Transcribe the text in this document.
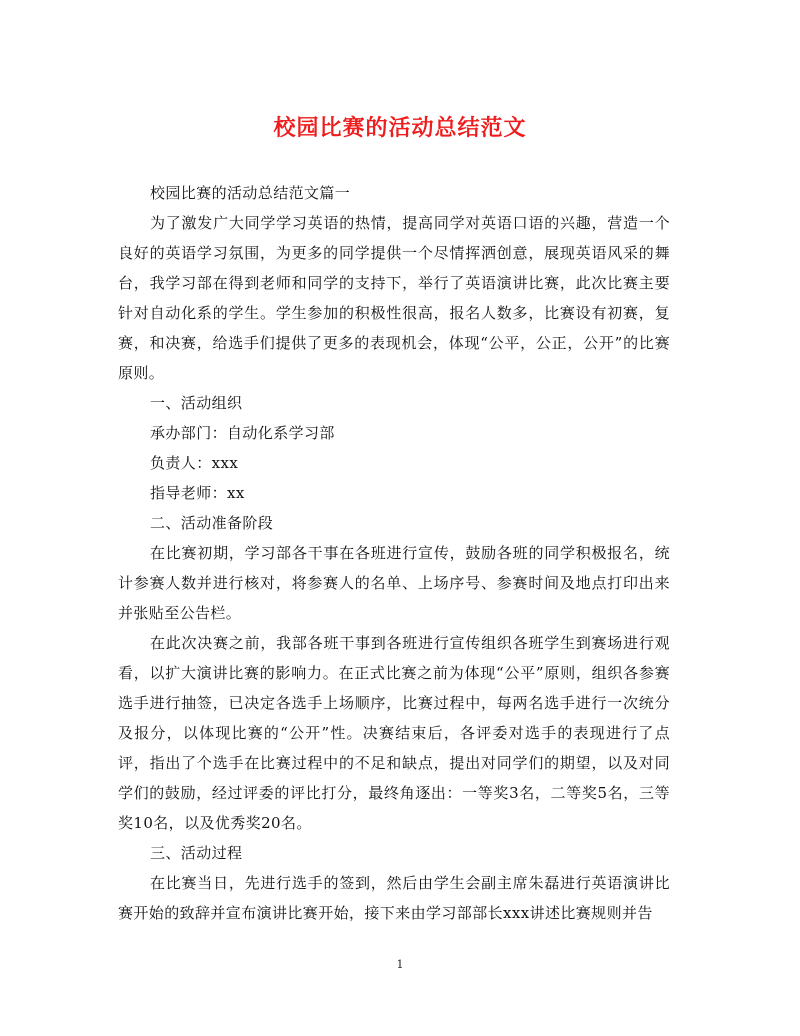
校园比赛的活动总结范文

校园比赛的活动总结范文篇一

为了激发广大同学学习英语的热情，提高同学对英语口语的兴趣，营造一个良好的英语学习氛围，为更多的同学提供一个尽情挥洒创意，展现英语风采的舞台，我学习部在得到老师和同学的支持下，举行了英语演讲比赛，此次比赛主要针对自动化系的学生。学生参加的积极性很高，报名人数多，比赛设有初赛，复赛，和决赛，给选手们提供了更多的表现机会，体现“公平，公正，公开”的比赛原则。

一、活动组织

承办部门：自动化系学习部

负责人：xxx

指导老师：xx

二、活动准备阶段

在比赛初期，学习部各干事在各班进行宣传，鼓励各班的同学积极报名，统计参赛人数并进行核对，将参赛人的名单、上场序号、参赛时间及地点打印出来并张贴至公告栏。

在此次决赛之前，我部各班干事到各班进行宣传组织各班学生到赛场进行观看，以扩大演讲比赛的影响力。在正式比赛之前为体现“公平”原则，组织各参赛选手进行抽签，已决定各选手上场顺序，比赛过程中，每两名选手进行一次统分及报分，以体现比赛的“公开”性。决赛结束后，各评委对选手的表现进行了点评，指出了个选手在比赛过程中的不足和缺点，提出对同学们的期望，以及对同学们的鼓励，经过评委的评比打分，最终角逐出：一等奖3名，二等奖5名，三等奖10名，以及优秀奖20名。

三、活动过程

在比赛当日，先进行选手的签到，然后由学生会副主席朱磊进行英语演讲比赛开始的致辞并宣布演讲比赛开始，接下来由学习部部长xxx讲述比赛规则并告

1
